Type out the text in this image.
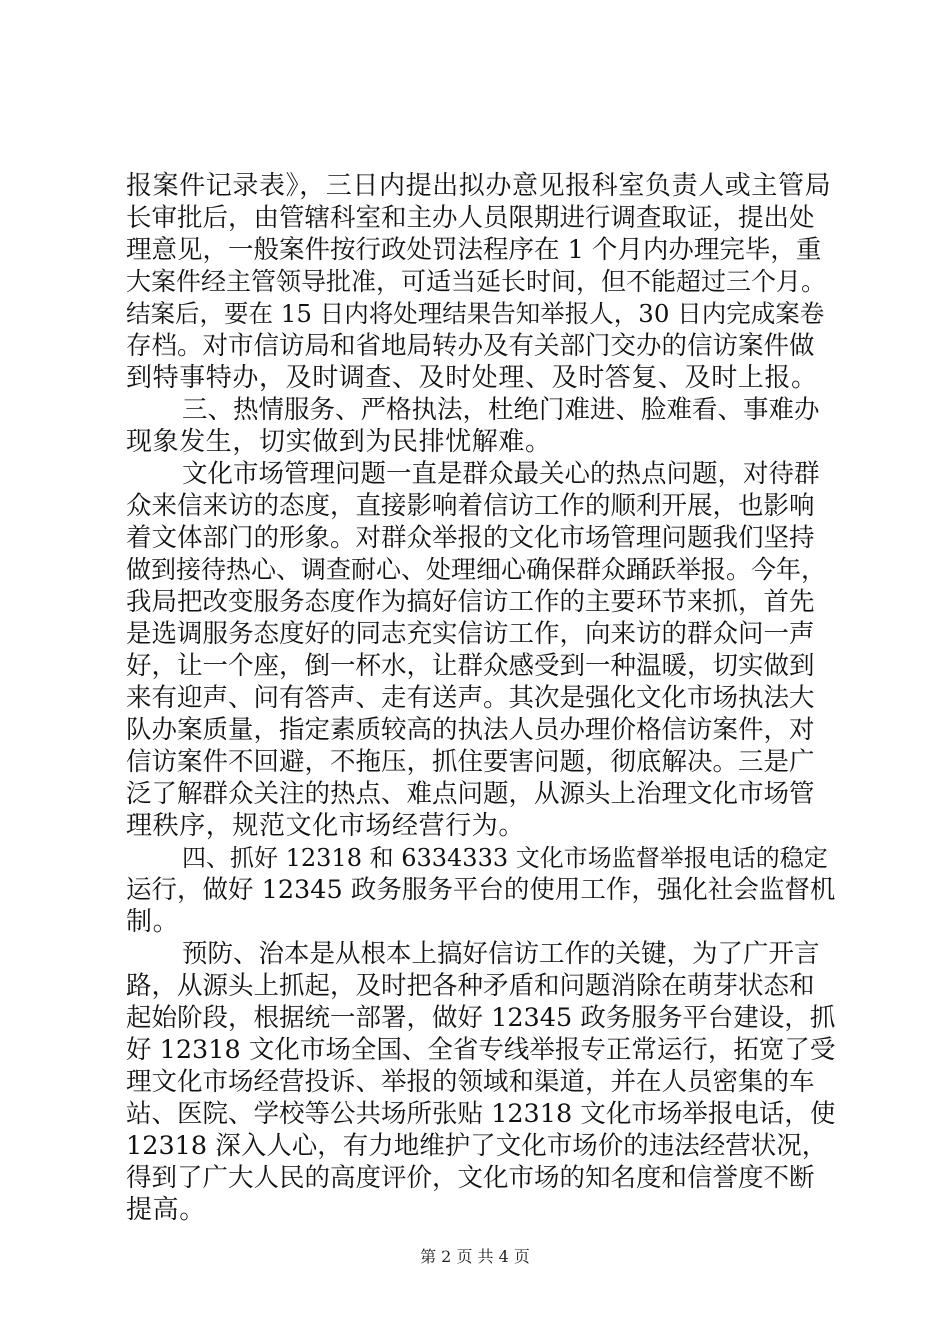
报案件记录表》，三日内提出拟办意见报科室负责人或主管局
长审批后，由管辖科室和主办人员限期进行调查取证，提出处
理意见，一般案件按行政处罚法程序在 1 个月内办理完毕，重
大案件经主管领导批准，可适当延长时间，但不能超过三个月。
结案后，要在 15 日内将处理结果告知举报人，30 日内完成案卷
存档。对市信访局和省地局转办及有关部门交办的信访案件做
到特事特办，及时调查、及时处理、及时答复、及时上报。
三、热情服务、严格执法，杜绝门难进、脸难看、事难办
现象发生，切实做到为民排忧解难。
文化市场管理问题一直是群众最关心的热点问题，对待群
众来信来访的态度，直接影响着信访工作的顺利开展，也影响
着文体部门的形象。对群众举报的文化市场管理问题我们坚持
做到接待热心、调查耐心、处理细心确保群众踊跃举报。今年，
我局把改变服务态度作为搞好信访工作的主要环节来抓，首先
是选调服务态度好的同志充实信访工作，向来访的群众问一声
好，让一个座，倒一杯水，让群众感受到一种温暖，切实做到
来有迎声、问有答声、走有送声。其次是强化文化市场执法大
队办案质量，指定素质较高的执法人员办理价格信访案件，对
信访案件不回避，不拖压，抓住要害问题，彻底解决。三是广
泛了解群众关注的热点、难点问题，从源头上治理文化市场管
理秩序，规范文化市场经营行为。
四、抓好 12318 和 6334333 文化市场监督举报电话的稳定
运行，做好 12345 政务服务平台的使用工作，强化社会监督机
制。
预防、治本是从根本上搞好信访工作的关键，为了广开言
路，从源头上抓起，及时把各种矛盾和问题消除在萌芽状态和
起始阶段，根据统一部署，做好 12345 政务服务平台建设，抓
好 12318 文化市场全国、全省专线举报专正常运行，拓宽了受
理文化市场经营投诉、举报的领域和渠道，并在人员密集的车
站、医院、学校等公共场所张贴 12318 文化市场举报电话，使
12318 深入人心，有力地维护了文化市场价的违法经营状况，
得到了广大人民的高度评价，文化市场的知名度和信誉度不断
提高。
第 2 页 共 4 页
